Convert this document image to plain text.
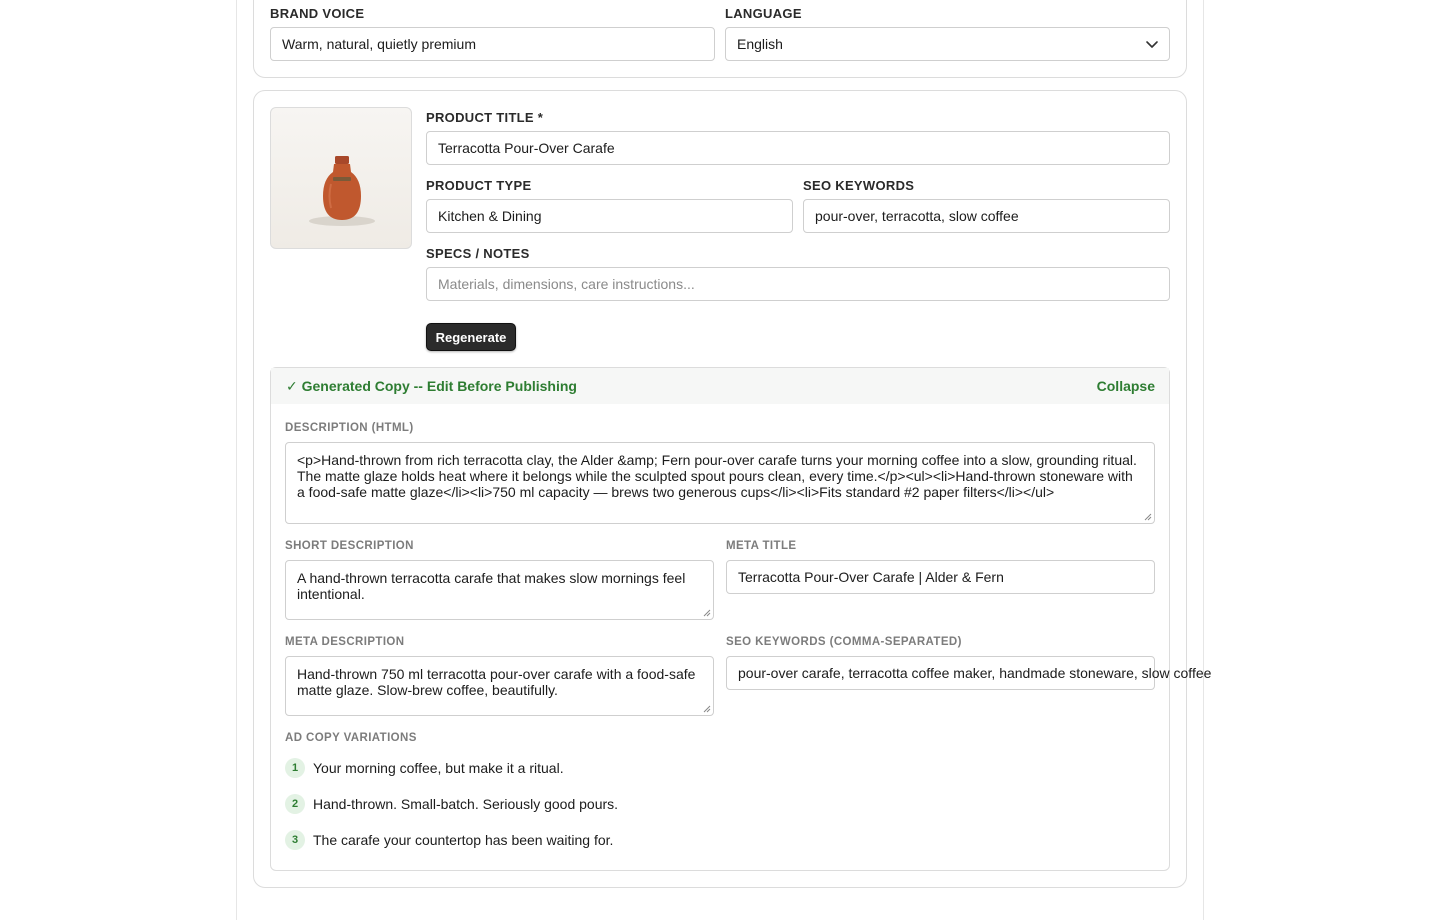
BRAND VOICE
Warm, natural, quietly premium
LANGUAGE
English
PRODUCT TITLE *
Terracotta Pour-Over Carafe
PRODUCT TYPE
Kitchen & Dining
SEO KEYWORDS
pour-over, terracotta, slow coffee
SPECS / NOTES
Materials, dimensions, care instructions...
Regenerate
✓ Generated Copy -- Edit Before Publishing	Collapse
DESCRIPTION (HTML)
<p>Hand-thrown from rich terracotta clay, the Alder &amp; Fern pour-over carafe turns your morning coffee into a slow, grounding ritual. The matte glaze holds heat where it belongs while the sculpted spout pours clean, every time.</p><ul><li>Hand-thrown stoneware with a food-safe matte glaze</li><li>750 ml capacity — brews two generous cups</li><li>Fits standard #2 paper filters</li></ul>
SHORT DESCRIPTION
A hand-thrown terracotta carafe that makes slow mornings feel intentional.
META TITLE
Terracotta Pour-Over Carafe | Alder & Fern
META DESCRIPTION
Hand-thrown 750 ml terracotta pour-over carafe with a food-safe matte glaze. Slow-brew coffee, beautifully.
SEO KEYWORDS (COMMA-SEPARATED)
pour-over carafe, terracotta coffee maker, handmade stoneware, slow coffee
AD COPY VARIATIONS
1	Your morning coffee, but make it a ritual.
2	Hand-thrown. Small-batch. Seriously good pours.
3	The carafe your countertop has been waiting for.
